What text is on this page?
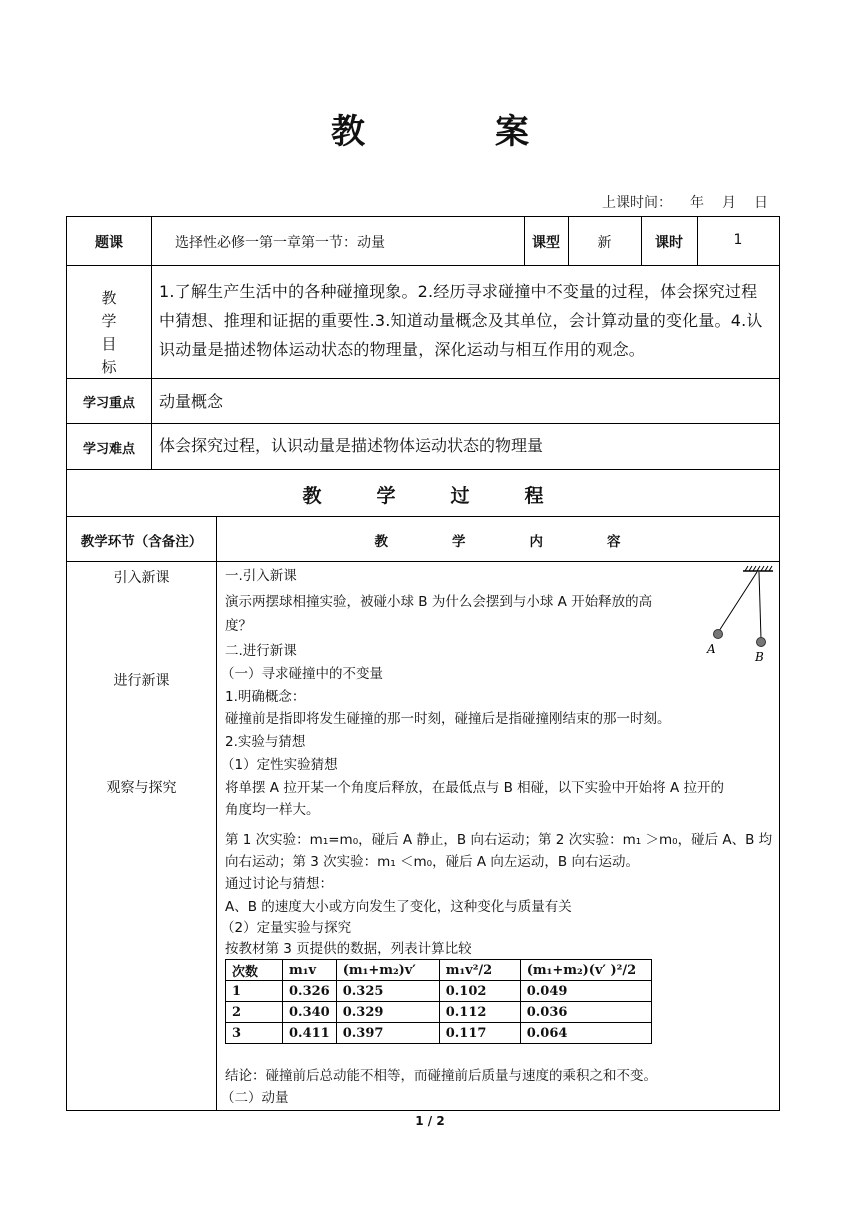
教	案
上课时间： 年 月 日
题课	选择性必修一第一章第一节：动量	课型	新	课时	1
教
学
目
标
1.了解生产生活中的各种碰撞现象。2.经历寻求碰撞中不变量的过程，体会探究过程中猜想、推理和证据的重要性.3.知道动量概念及其单位，会计算动量的变化量。4.认识动量是描述物体运动状态的物理量，深化运动与相互作用的观念。
学习重点	动量概念
学习难点	体会探究过程，认识动量是描述物体运动状态的物理量
教	学	过	程
教学环节（含备注）	教	学	内	容
引入新课
进行新课
观察与探究
A
B
一.引入新课
演示两摆球相撞实验，被碰小球 B 为什么会摆到与小球 A 开始释放的高
度？
二.进行新课
（一）寻求碰撞中的不变量
1.明确概念：
碰撞前是指即将发生碰撞的那一时刻，碰撞后是指碰撞刚结束的那一时刻。
2.实验与猜想
（1）定性实验猜想
将单摆 A 拉开某一个角度后释放，在最低点与 B 相碰，以下实验中开始将 A 拉开的
角度均一样大。
第 1 次实验：m₁=m₀，碰后 A 静止，B 向右运动；第 2 次实验：m₁ ＞m₀，碰后 A、B 均
向右运动；第 3 次实验：m₁ ＜m₀，碰后 A 向左运动，B 向右运动。
通过讨论与猜想：
A、B 的速度大小或方向发生了变化，这种变化与质量有关
（2）定量实验与探究
按教材第 3 页提供的数据，列表计算比较
次数	m₁v	(m₁+m₂)v′	m₁v²/2	(m₁+m₂)(v′ )²/2
1	0.326	0.325	0.102	0.049
2	0.340	0.329	0.112	0.036
3	0.411	0.397	0.117	0.064
结论：碰撞前后总动能不相等，而碰撞前后质量与速度的乘积之和不变。
（二）动量
1 / 2
